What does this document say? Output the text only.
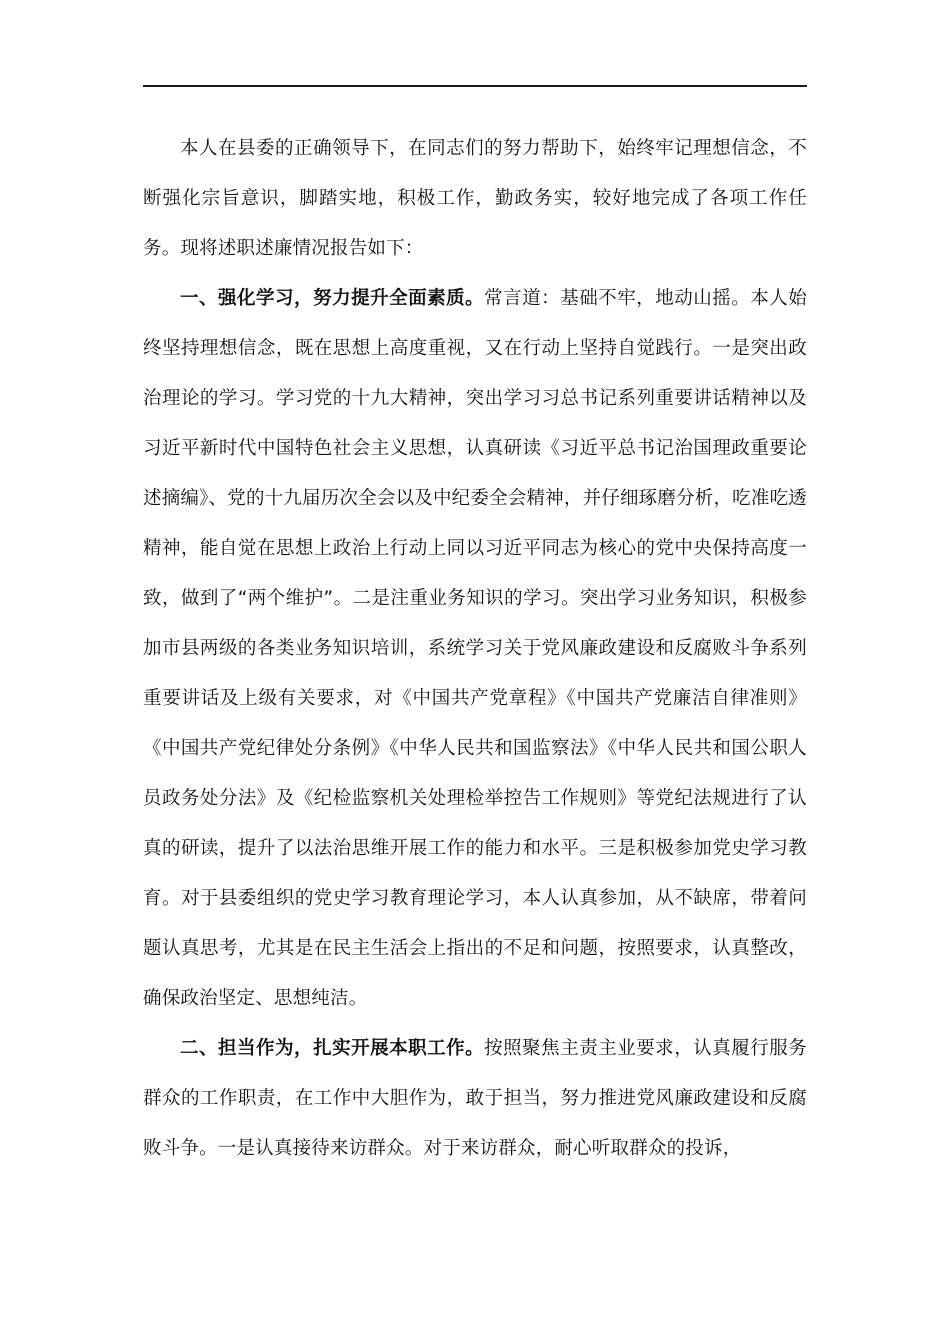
本人在县委的正确领导下，在同志们的努力帮助下，始终牢记理想信念，不断强化宗旨意识，脚踏实地，积极工作，勤政务实，较好地完成了各项工作任务。现将述职述廉情况报告如下：

一、强化学习，努力提升全面素质。常言道：基础不牢，地动山摇。本人始终坚持理想信念，既在思想上高度重视，又在行动上坚持自觉践行。一是突出政治理论的学习。学习党的十九大精神，突出学习习总书记系列重要讲话精神以及习近平新时代中国特色社会主义思想，认真研读《习近平总书记治国理政重要论述摘编》、党的十九届历次全会以及中纪委全会精神，并仔细琢磨分析，吃准吃透精神，能自觉在思想上政治上行动上同以习近平同志为核心的党中央保持高度一致，做到了“两个维护”。二是注重业务知识的学习。突出学习业务知识，积极参加市县两级的各类业务知识培训，系统学习关于党风廉政建设和反腐败斗争系列重要讲话及上级有关要求，对《中国共产党章程》《中国共产党廉洁自律准则》《中国共产党纪律处分条例》《中华人民共和国监察法》《中华人民共和国公职人员政务处分法》及《纪检监察机关处理检举控告工作规则》等党纪法规进行了认真的研读，提升了以法治思维开展工作的能力和水平。三是积极参加党史学习教育。对于县委组织的党史学习教育理论学习，本人认真参加，从不缺席，带着问题认真思考，尤其是在民主生活会上指出的不足和问题，按照要求，认真整改，确保政治坚定、思想纯洁。

二、担当作为，扎实开展本职工作。按照聚焦主责主业要求，认真履行服务群众的工作职责，在工作中大胆作为，敢于担当，努力推进党风廉政建设和反腐败斗争。一是认真接待来访群众。对于来访群众，耐心听取群众的投诉，
